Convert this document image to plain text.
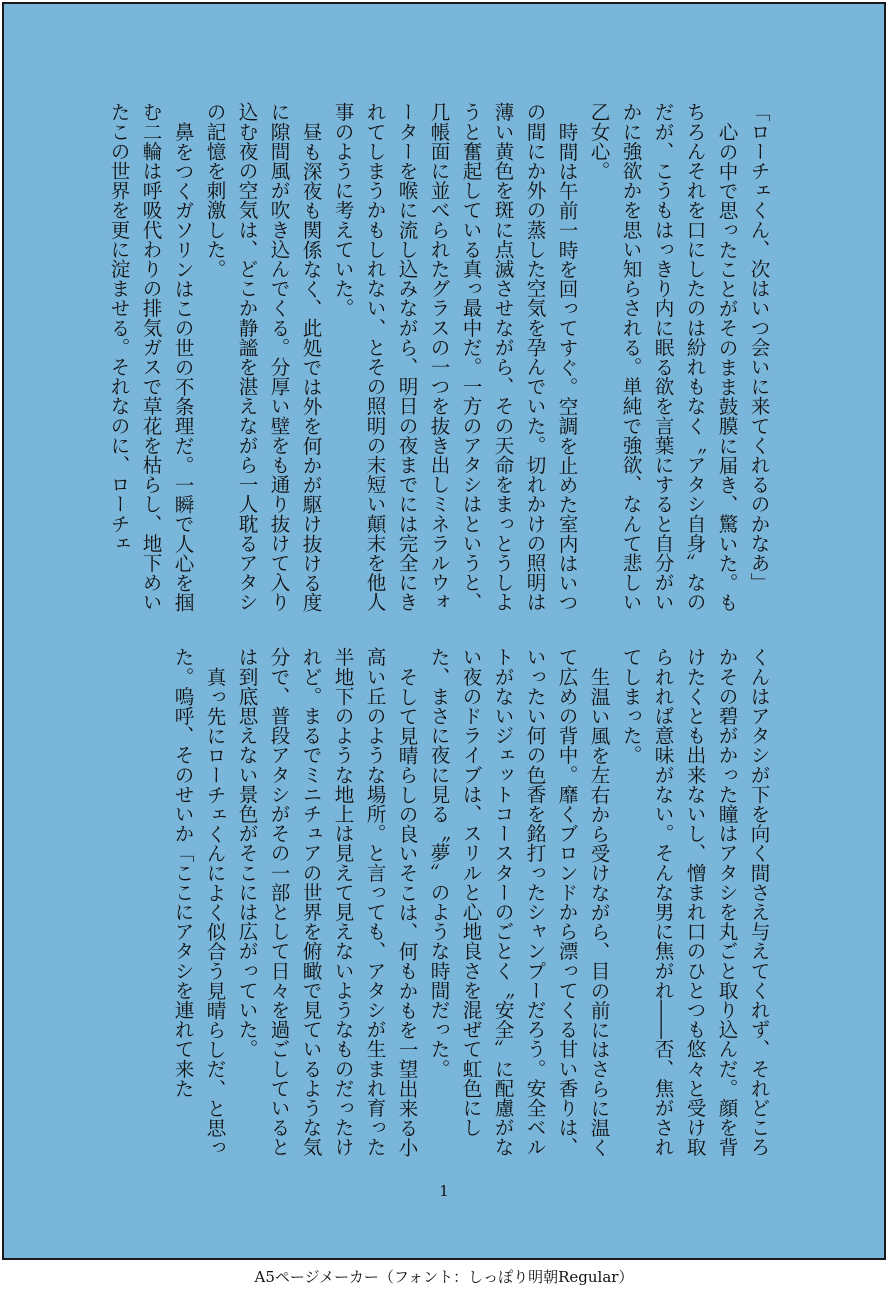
「ローチェくん、次はいつ会いに来てくれるのかなあ」

心の中で思ったことがそのまま鼓膜に届き、驚いた。もちろんそれを口にしたのは紛れもなく〝アタシ自身〟なのだが、こうもはっきり内に眠る欲を言葉にすると自分がいかに強欲かを思い知らされる。単純で強欲、なんて悲しい乙女心。

時間は午前一時を回ってすぐ。空調を止めた室内はいつの間にか外の蒸した空気を孕んでいた。切れかけの照明は薄い黄色を斑に点滅させながら、その天命をまっとうしようと奮起している真っ最中だ。一方のアタシはというと、几帳面に並べられたグラスの一つを抜き出しミネラルウォーターを喉に流し込みながら、明日の夜までには完全にきれてしまうかもしれない、とその照明の末短い顛末を他人事のように考えていた。

昼も深夜も関係なく、此処では外を何かが駆け抜ける度に隙間風が吹き込んでくる。分厚い壁をも通り抜けて入り込む夜の空気は、どこか静謐を湛えながら一人耽るアタシの記憶を刺激した。

鼻をつくガソリンはこの世の不条理だ。一瞬で人心を掴む二輪は呼吸代わりの排気ガスで草花を枯らし、地下めいたこの世界を更に淀ませる。それなのに、ローチェ

くんはアタシが下を向く間さえ与えてくれず、それどころかその碧がかった瞳はアタシを丸ごと取り込んだ。顔を背けたくとも出来ないし、憎まれ口のひとつも悠々と受け取られれば意味がない。そんな男に焦がれ――否、焦がされてしまった。

生温い風を左右から受けながら、目の前にはさらに温くて広めの背中。靡くブロンドから漂ってくる甘い香りは、いったい何の色香を銘打ったシャンプーだろう。安全ベルトがないジェットコースターのごとく〝安全〟に配慮がない夜のドライブは、スリルと心地良さを混ぜて虹色にした、まさに夜に見る〝夢〟のような時間だった。

そして見晴らしの良いそこは、何もかもを一望出来る小高い丘のような場所。と言っても、アタシが生まれ育った半地下のような地上は見えて見えないようなものだったけれど。まるでミニチュアの世界を俯瞰で見ているような気分で、普段アタシがその一部として日々を過ごしているとは到底思えない景色がそこには広がっていた。

真っ先にローチェくんによく似合う見晴らしだ、と思った。嗚呼、そのせいか「ここにアタシを連れて来た

1
A5ページメーカー（フォント：しっぽり明朝Regular）
